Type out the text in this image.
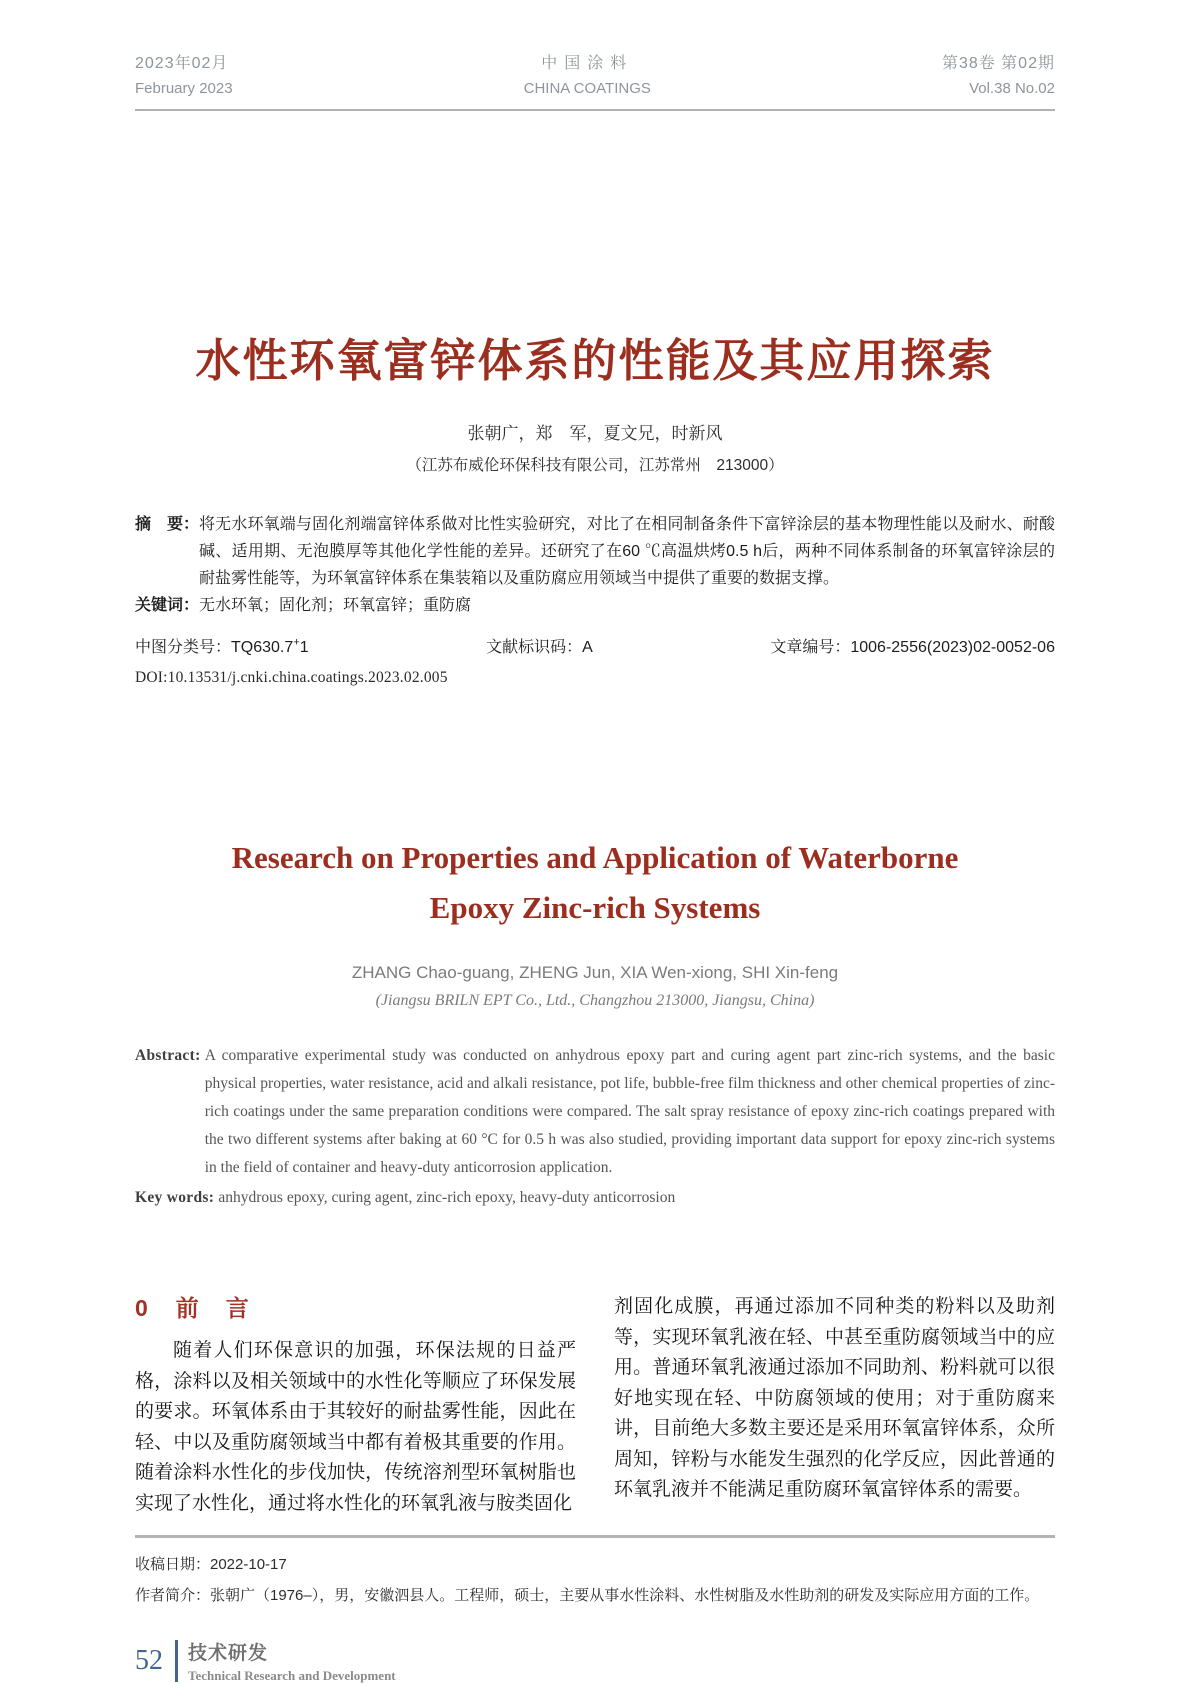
2023年02月
February 2023
中国涂料
CHINA COATINGS
第38卷 第02期
Vol.38 No.02
水性环氧富锌体系的性能及其应用探索
张朝广，郑　军，夏文兄，时新风
（江苏布威伦环保科技有限公司，江苏常州　213000）
摘　要： 将无水环氧端与固化剂端富锌体系做对比性实验研究，对比了在相同制备条件下富锌涂层的基本物理性能以及耐水、耐酸碱、适用期、无泡膜厚等其他化学性能的差异。还研究了在60 ℃高温烘烤0.5 h后，两种不同体系制备的环氧富锌涂层的耐盐雾性能等，为环氧富锌体系在集装箱以及重防腐应用领域当中提供了重要的数据支撑。
关键词： 无水环氧；固化剂；环氧富锌；重防腐
中图分类号：TQ630.7+1	文献标识码：A	文章编号：1006-2556(2023)02-0052-06
DOI:10.13531/j.cnki.china.coatings.2023.02.005
Research on Properties and Application of Waterborne
Epoxy Zinc-rich Systems
ZHANG Chao-guang, ZHENG Jun, XIA Wen-xiong, SHI Xin-feng
(Jiangsu BRILN EPT Co., Ltd., Changzhou 213000, Jiangsu, China)
Abstract: A comparative experimental study was conducted on anhydrous epoxy part and curing agent part zinc-rich systems, and the basic physical properties, water resistance, acid and alkali resistance, pot life, bubble-free film thickness and other chemical properties of zinc-rich coatings under the same preparation conditions were compared. The salt spray resistance of epoxy zinc-rich coatings prepared with the two different systems after baking at 60 °C for 0.5 h was also studied, providing important data support for epoxy zinc-rich systems in the field of container and heavy-duty anticorrosion application.
Key words: anhydrous epoxy, curing agent, zinc-rich epoxy, heavy-duty anticorrosion
0 前　言

随着人们环保意识的加强，环保法规的日益严格，涂料以及相关领域中的水性化等顺应了环保发展的要求。环氧体系由于其较好的耐盐雾性能，因此在轻、中以及重防腐领域当中都有着极其重要的作用。随着涂料水性化的步伐加快，传统溶剂型环氧树脂也实现了水性化，通过将水性化的环氧乳液与胺类固化

剂固化成膜，再通过添加不同种类的粉料以及助剂等，实现环氧乳液在轻、中甚至重防腐领域当中的应用。普通环氧乳液通过添加不同助剂、粉料就可以很好地实现在轻、中防腐领域的使用；对于重防腐来讲，目前绝大多数主要还是采用环氧富锌体系，众所周知，锌粉与水能发生强烈的化学反应，因此普通的环氧乳液并不能满足重防腐环氧富锌体系的需要。

收稿日期：2022-10-17
作者简介：张朝广（1976–），男，安徽泗县人。工程师，硕士，主要从事水性涂料、水性树脂及水性助剂的研发及实际应用方面的工作。
52 技术研发
Technical Research and Development
